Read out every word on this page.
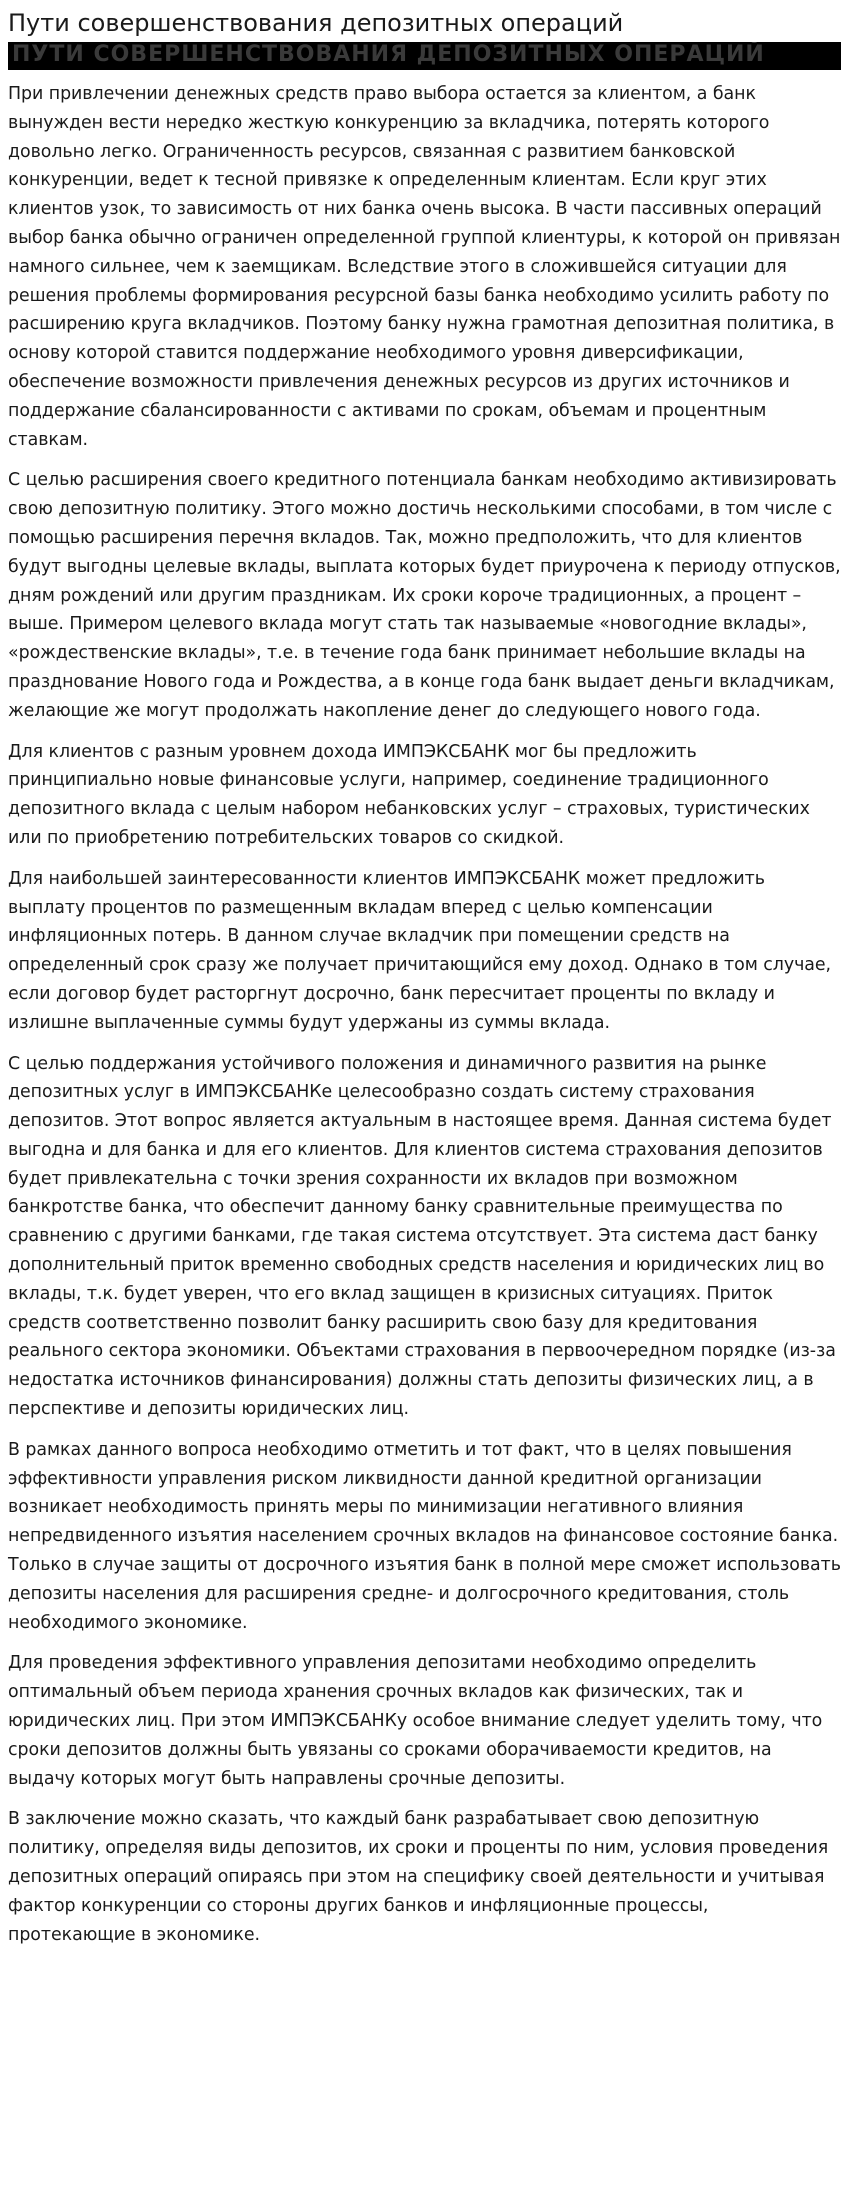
Пути совершенствования депозитных операций
ПУТИ СОВЕРШЕНСТВОВАНИЯ ДЕПОЗИТНЫХ ОПЕРАЦИЙ

При привлечении денежных средств право выбора остается за клиентом, а банк вынужден вести нередко жесткую конкуренцию за вкладчика, потерять которого довольно легко. Ограниченность ресурсов, связанная с развитием банковской конкуренции, ведет к тесной привязке к определенным клиентам. Если круг этих клиентов узок, то зависимость от них банка очень высока. В части пассивных операций выбор банка обычно ограничен определенной группой клиентуры, к которой он привязан намного сильнее, чем к заемщикам. Вследствие этого в сложившейся ситуации для решения проблемы формирования ресурсной базы банка необходимо усилить работу по расширению круга вкладчиков. Поэтому банку нужна грамотная депозитная политика, в основу которой ставится поддержание необходимого уровня диверсификации, обеспечение возможности привлечения денежных ресурсов из других источников и поддержание сбалансированности с активами по срокам, объемам и процентным ставкам.

С целью расширения своего кредитного потенциала банкам необходимо активизировать свою депозитную политику. Этого можно достичь несколькими способами, в том числе с помощью расширения перечня вкладов. Так, можно предположить, что для клиентов будут выгодны целевые вклады, выплата которых будет приурочена к периоду отпусков, дням рождений или другим праздникам. Их сроки короче традиционных, а процент – выше. Примером целевого вклада могут стать так называемые «новогодние вклады», «рождественские вклады», т.е. в течение года банк принимает небольшие вклады на празднование Нового года и Рождества, а в конце года банк выдает деньги вкладчикам, желающие же могут продолжать накопление денег до следующего нового года.

Для клиентов с разным уровнем дохода ИМПЭКСБАНК мог бы предложить принципиально новые финансовые услуги, например, соединение традиционного депозитного вклада с целым набором небанковских услуг – страховых, туристических или по приобретению потребительских товаров со скидкой.

Для наибольшей заинтересованности клиентов ИМПЭКСБАНК может предложить выплату процентов по размещенным вкладам вперед с целью компенсации инфляционных потерь. В данном случае вкладчик при помещении средств на определенный срок сразу же получает причитающийся ему доход. Однако в том случае, если договор будет расторгнут досрочно, банк пересчитает проценты по вкладу и излишне выплаченные суммы будут удержаны из суммы вклада.

С целью поддержания устойчивого положения и динамичного развития на рынке депозитных услуг в ИМПЭКСБАНКе целесообразно создать систему страхования депозитов. Этот вопрос является актуальным в настоящее время. Данная система будет выгодна и для банка и для его клиентов. Для клиентов система страхования депозитов будет привлекательна с точки зрения сохранности их вкладов при возможном банкротстве банка, что обеспечит данному банку сравнительные преимущества по сравнению с другими банками, где такая система отсутствует. Эта система даст банку дополнительный приток временно свободных средств населения и юридических лиц во вклады, т.к. будет уверен, что его вклад защищен в кризисных ситуациях. Приток средств соответственно позволит банку расширить свою базу для кредитования реального сектора экономики. Объектами страхования в первоочередном порядке (из-за недостатка источников финансирования) должны стать депозиты физических лиц, а в перспективе и депозиты юридических лиц.

В рамках данного вопроса необходимо отметить и тот факт, что в целях повышения эффективности управления риском ликвидности данной кредитной организации возникает необходимость принять меры по минимизации негативного влияния непредвиденного изъятия населением срочных вкладов на финансовое состояние банка. Только в случае защиты от досрочного изъятия банк в полной мере сможет использовать депозиты населения для расширения средне- и долгосрочного кредитования, столь необходимого экономике.

Для проведения эффективного управления депозитами необходимо определить оптимальный объем периода хранения срочных вкладов как физических, так и юридических лиц. При этом ИМПЭКСБАНКу особое внимание следует уделить тому, что сроки депозитов должны быть увязаны со сроками оборачиваемости кредитов, на выдачу которых могут быть направлены срочные депозиты.

В заключение можно сказать, что каждый банк разрабатывает свою депозитную политику, определяя виды депозитов, их сроки и проценты по ним, условия проведения депозитных операций опираясь при этом на специфику своей деятельности и учитывая фактор конкуренции со стороны других банков и инфляционные процессы, протекающие в экономике.
